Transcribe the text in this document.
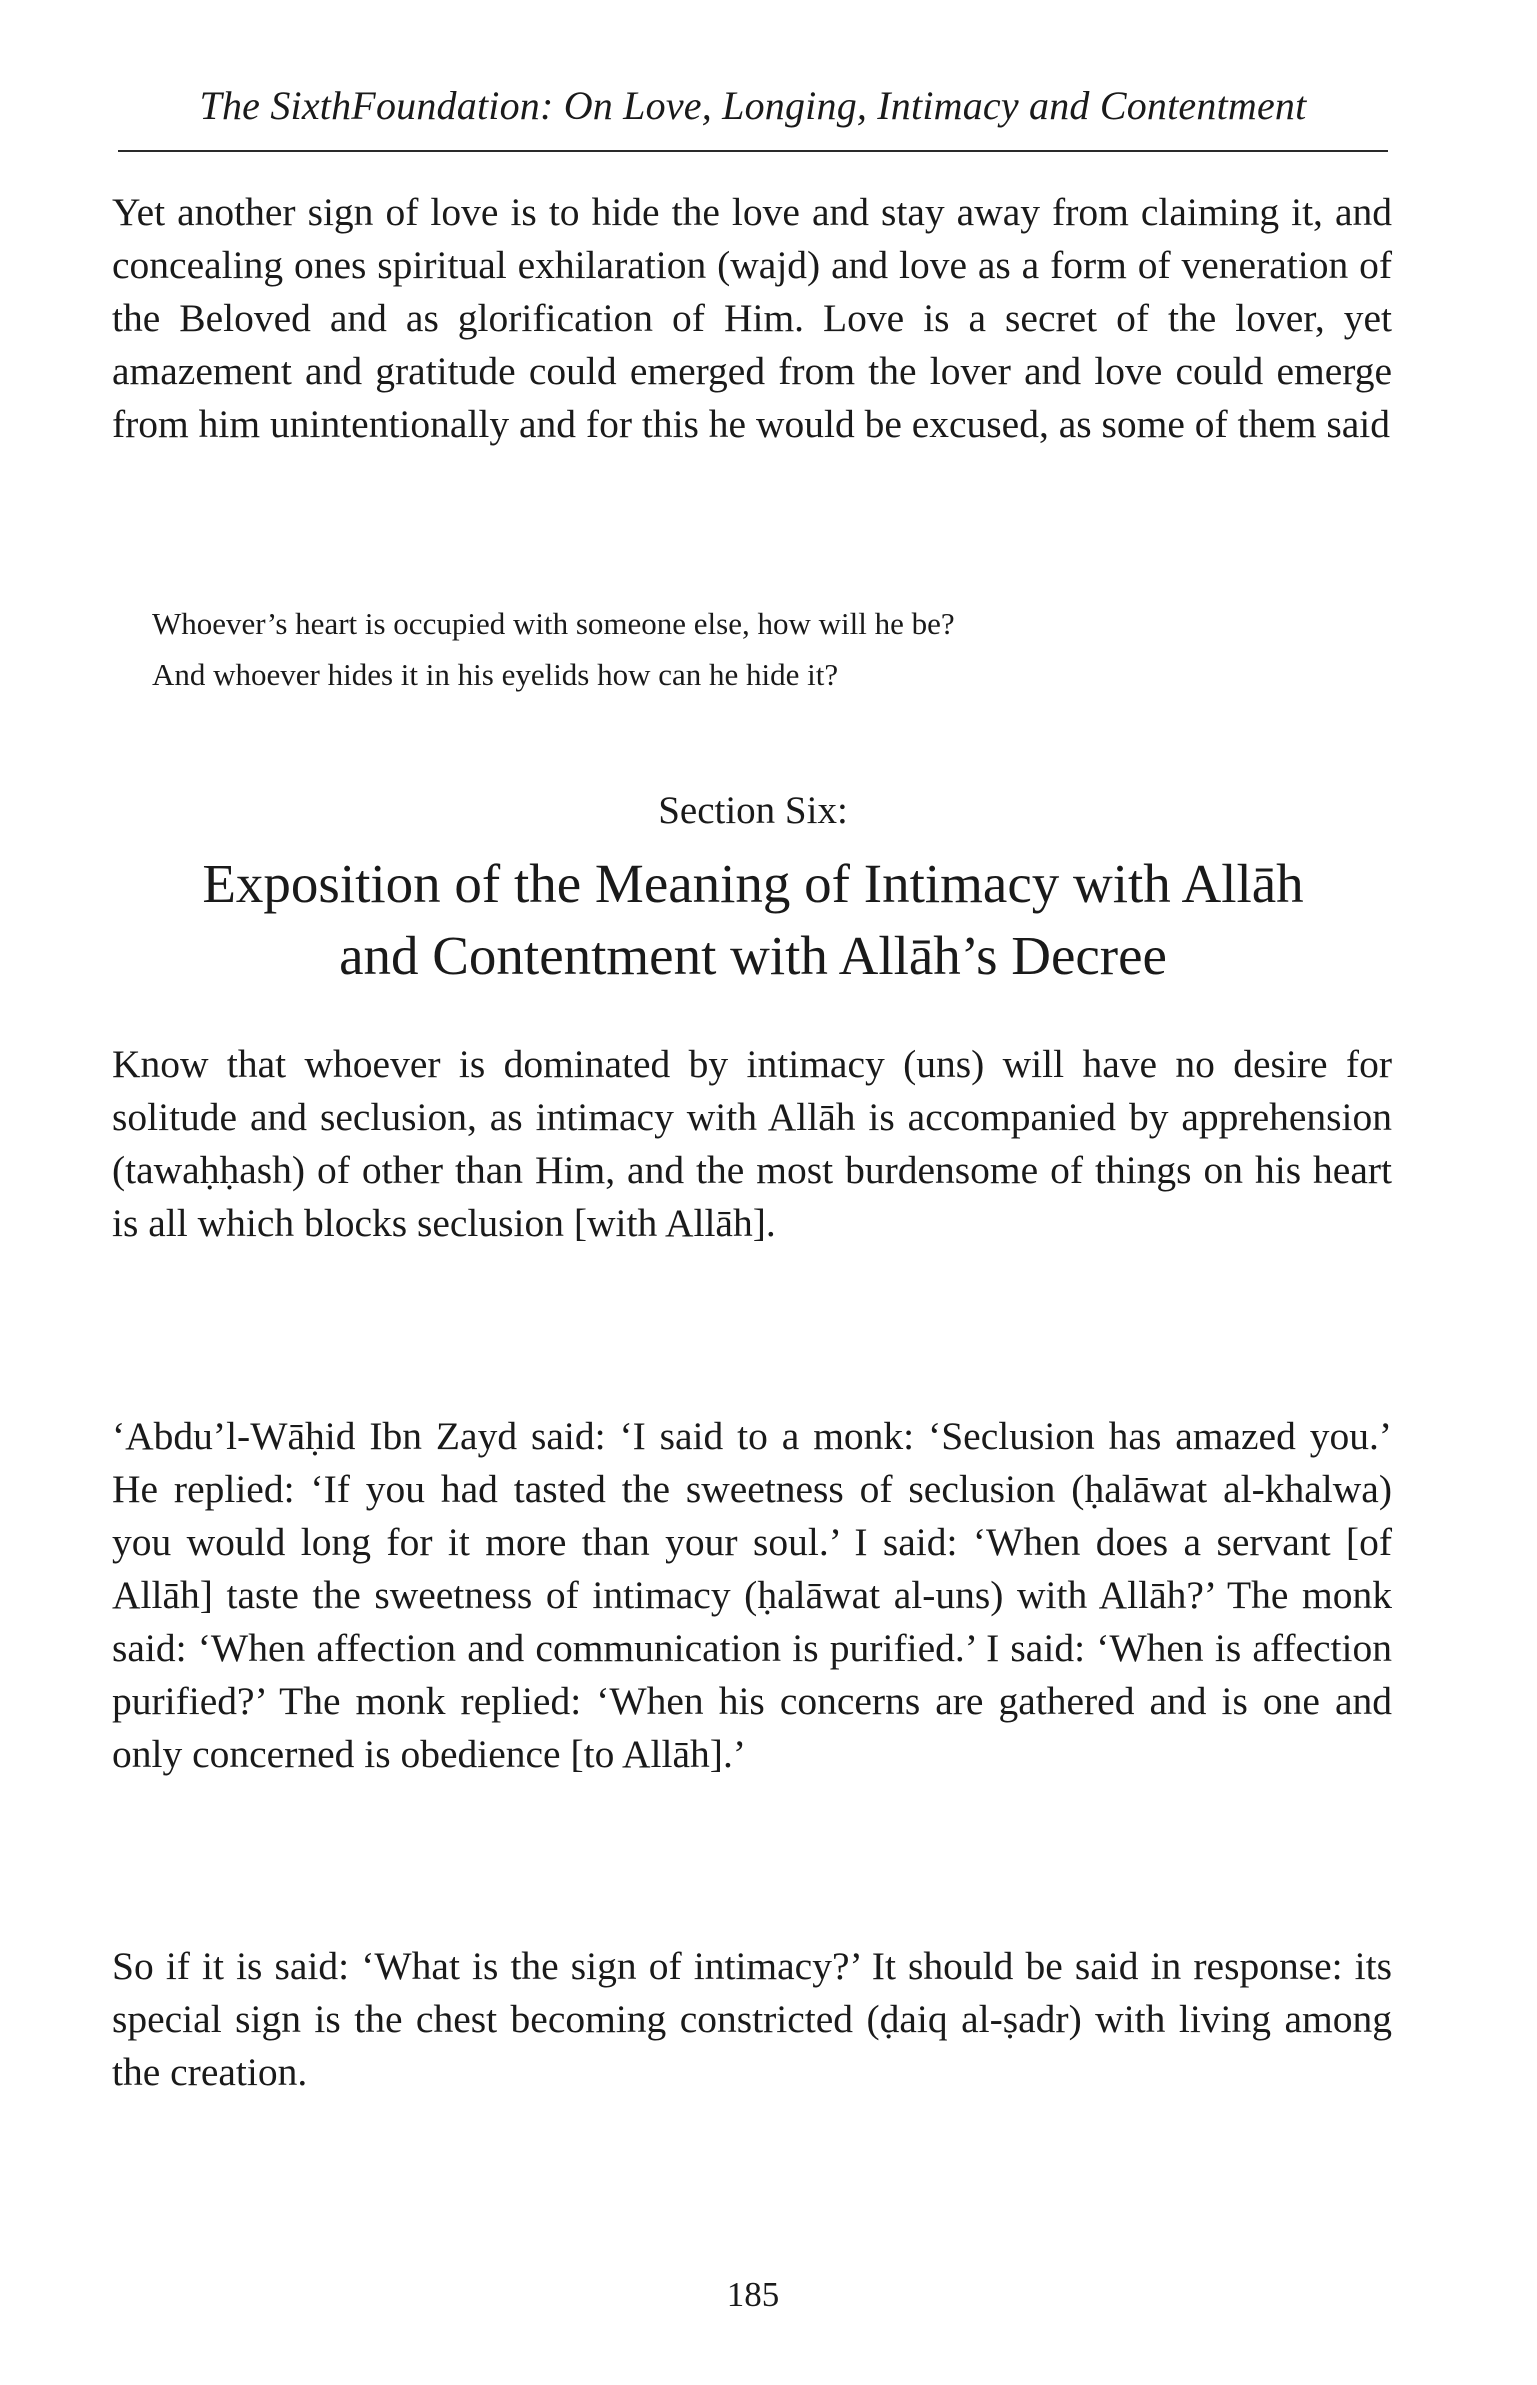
The SixthFoundation: On Love, Longing, Intimacy and Contentment

Yet another sign of love is to hide the love and stay away from claiming it, and concealing ones spiritual exhilaration (wajd) and love as a form of veneration of the Beloved and as glorification of Him. Love is a secret of the lover, yet amazement and gratitude could emerged from the lover and love could emerge from him unintentionally and for this he would be excused, as some of them said

Whoever’s heart is occupied with someone else, how will he be?
And whoever hides it in his eyelids how can he hide it?
Section Six:
Exposition of the Meaning of Intimacy with Allāh
and Contentment with Allāh’s Decree

Know that whoever is dominated by intimacy (uns) will have no desire for solitude and seclusion, as intimacy with Allāh is accompanied by apprehension (tawaḥḥash) of other than Him, and the most burdensome of things on his heart is all which blocks seclusion [with Allāh].

‘Abdu’l-Wāḥid Ibn Zayd said: ‘I said to a monk: ‘Seclusion has amazed you.’ He replied: ‘If you had tasted the sweetness of seclusion (ḥalāwat al-khalwa) you would long for it more than your soul.’ I said: ‘When does a servant [of Allāh] taste the sweetness of intimacy (ḥalāwat al-uns) with Allāh?’ The monk said: ‘When affection and communication is purified.’ I said: ‘When is affection purified?’ The monk replied: ‘When his concerns are gathered and is one and only concerned is obedience [to Allāh].’

So if it is said: ‘What is the sign of intimacy?’ It should be said in response: its special sign is the chest becoming constricted (ḍaiq al-ṣadr) with living among the creation.

185
